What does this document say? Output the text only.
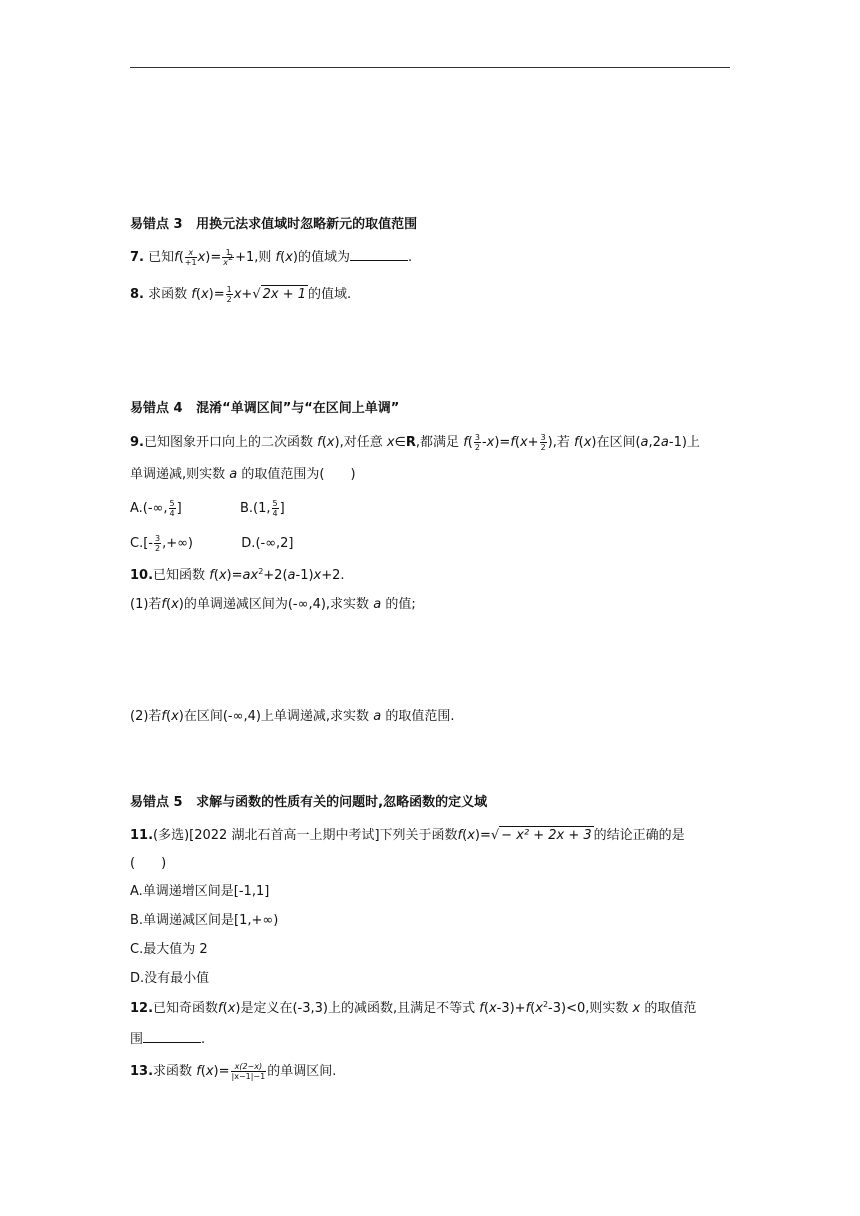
易错点 3 用换元法求值域时忽略新元的取值范围
7. 已知f( x
$+1x)= \frac{1}{x^2} +1$,则 f(x)的值域为	.
8. 求函数 $f(x)= \frac{1}{2} x+√$ 2x + 1 的值域.
易错点 4 混淆“单调区间”与“在区间上单调”
9.已知图象开口向上的二次函数 f(x),对任意 x∈R,都满足 $f( \frac{3}{2} -x)=f(x+ \frac{3}{2}$ ),若 f(x)在区间(a,2a-1)上
单调递减,则实数 a 的取值范围为(　　)
A.(-∞, $\frac{5}{4}$ ]	B.(1, $\frac{5}{4}$ ]
$C.[- \frac{3}{2}$ ,+∞)	D.(-∞,2]
10.已知函数 $f(x)=ax^2+2(a-1)x+2$.
(1)若f(x)的单调递减区间为(-∞,4),求实数 a 的值;
(2)若f(x)在区间(-∞,4)上单调递减,求实数 a 的取值范围.
易错点 5 求解与函数的性质有关的问题时,忽略函数的定义域
11.(多选)[2022 湖北石首高一上期中考试]下列关于函数f(x)=√ − x² + 2x + 3 的结论正确的是
(　　)
A.单调递增区间是[-1,1]
B.单调递减区间是[1,+∞)
C.最大值为 2
D.没有最小值
12.已知奇函数f(x)是定义在(-3,3)上的减函数,且满足不等式 $f(x-3)+f(x^2-3)<0$,则实数 x 的取值范
围	.
13.求函数 $f(x)= \frac{x(2-x)}{|x-1|-1}$ 的单调区间.
